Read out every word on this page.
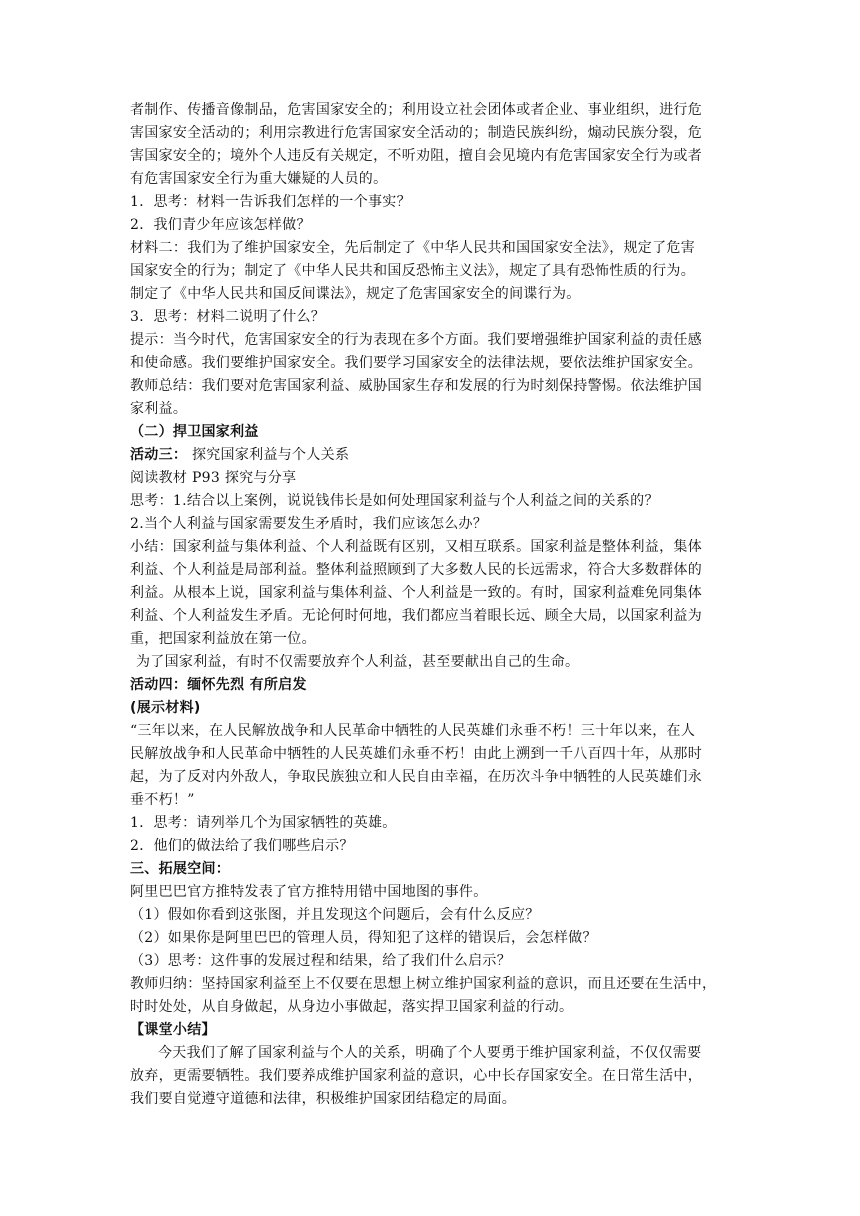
者制作、传播音像制品，危害国家安全的；利用设立社会团体或者企业、事业组织，进行危
害国家安全活动的；利用宗教进行危害国家安全活动的；制造民族纠纷，煽动民族分裂，危
害国家安全的；境外个人违反有关规定，不听劝阻，擅自会见境内有危害国家安全行为或者
有危害国家安全行为重大嫌疑的人员的。
1．思考：材料一告诉我们怎样的一个事实？
2．我们青少年应该怎样做？
材料二：我们为了维护国家安全，先后制定了《中华人民共和国国家安全法》，规定了危害
国家安全的行为；制定了《中华人民共和国反恐怖主义法》，规定了具有恐怖性质的行为。
制定了《中华人民共和国反间谍法》，规定了危害国家安全的间谍行为。
3．思考：材料二说明了什么？
提示：当今时代，危害国家安全的行为表现在多个方面。我们要增强维护国家利益的责任感
和使命感。我们要维护国家安全。我们要学习国家安全的法律法规，要依法维护国家安全。
教师总结：我们要对危害国家利益、威胁国家生存和发展的行为时刻保持警惕。依法维护国
家利益。
（二）捍卫国家利益
活动三： 探究国家利益与个人关系
阅读教材 P93 探究与分享
思考：1.结合以上案例，说说钱伟长是如何处理国家利益与个人利益之间的关系的？
2.当个人利益与国家需要发生矛盾时，我们应该怎么办？
小结：国家利益与集体利益、个人利益既有区别，又相互联系。国家利益是整体利益，集体
利益、个人利益是局部利益。整体利益照顾到了大多数人民的长远需求，符合大多数群体的
利益。从根本上说，国家利益与集体利益、个人利益是一致的。有时，国家利益难免同集体
利益、个人利益发生矛盾。无论何时何地，我们都应当着眼长远、顾全大局，以国家利益为
重，把国家利益放在第一位。
为了国家利益，有时不仅需要放弃个人利益，甚至要献出自己的生命。
活动四：缅怀先烈 有所启发
(展示材料)
“三年以来，在人民解放战争和人民革命中牺牲的人民英雄们永垂不朽！三十年以来，在人
民解放战争和人民革命中牺牲的人民英雄们永垂不朽！由此上溯到一千八百四十年，从那时
起，为了反对内外敌人，争取民族独立和人民自由幸福，在历次斗争中牺牲的人民英雄们永
垂不朽！”
1．思考：请列举几个为国家牺牲的英雄。
2．他们的做法给了我们哪些启示？
三、拓展空间：
阿里巴巴官方推特发表了官方推特用错中国地图的事件。
（1）假如你看到这张图，并且发现这个问题后，会有什么反应？
（2）如果你是阿里巴巴的管理人员，得知犯了这样的错误后，会怎样做？
（3）思考：这件事的发展过程和结果，给了我们什么启示？
教师归纳：坚持国家利益至上不仅要在思想上树立维护国家利益的意识，而且还要在生活中，
时时处处，从自身做起，从身边小事做起，落实捍卫国家利益的行动。
【课堂小结】
今天我们了解了国家利益与个人的关系，明确了个人要勇于维护国家利益，不仅仅需要
放弃，更需要牺牲。我们要养成维护国家利益的意识，心中长存国家安全。在日常生活中，
我们要自觉遵守道德和法律，积极维护国家团结稳定的局面。
